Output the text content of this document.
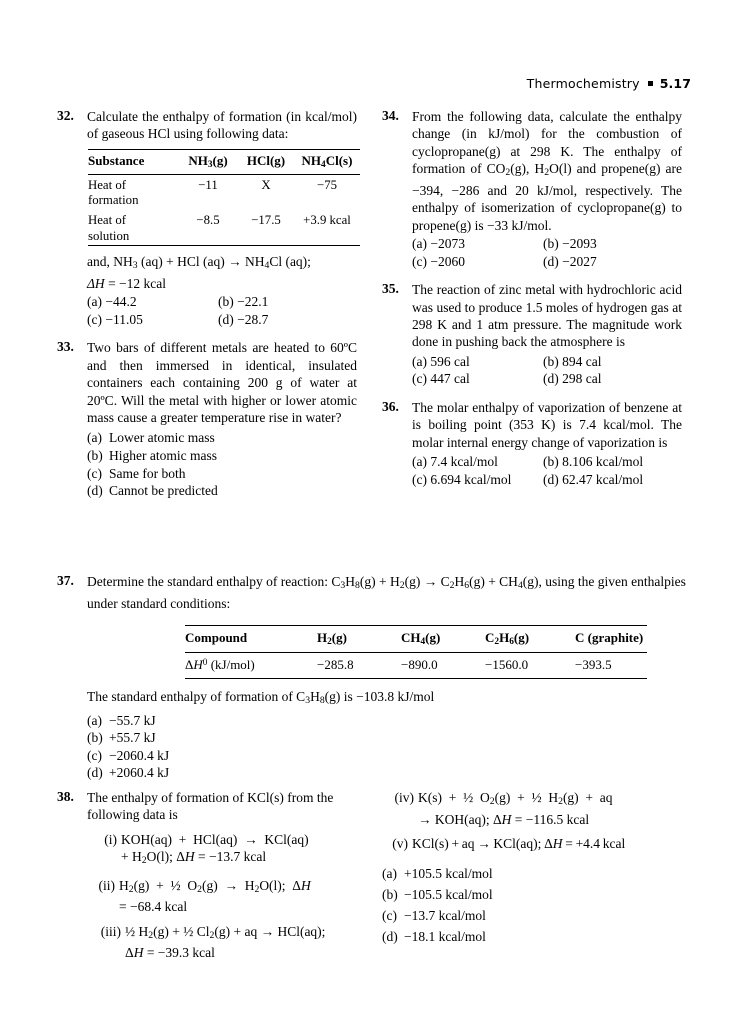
Thermochemistry 5.17
32. Calculate the enthalpy of formation (in kcal/mol) of gaseous HCl using following data:
Substance	$NH_3(g)$	HCl(g)	$NH_4Cl(s)$
Heat of
formation	−11	X	−75
Heat of
solution	−8.5	−17.5	+3.9 kcal
and, $NH_3$ (aq) + HCl $(aq) \to NH_4Cl$ (aq);
ΔH = −12 kcal
(a) −44.2	(b) −22.1
(c) −11.05	(d) −28.7
33. Two bars of different metals are heated to 60ºC and then immersed in identical, insulated containers each containing 200 g of water at 20ºC. Will the metal with higher or lower atomic mass cause a greater temperature rise in water?
(a) Lower atomic mass
(b) Higher atomic mass
(c) Same for both
(d) Cannot be predicted
34. From the following data, calculate the enthalpy change (in kJ/mol) for the combustion of cyclopropane(g) at 298 K. The enthalpy of formation of $CO_2(g)$, $H_2O(l)$ and propene(g) are −394, −286 and 20 kJ/mol, respectively. The enthalpy of isomerization of cyclopropane(g) to propene(g) is −33 kJ/mol.
(a) −2073	(b) −2093
(c) −2060	(d) −2027
35. The reaction of zinc metal with hydrochloric acid was used to produce 1.5 moles of hydrogen gas at 298 K and 1 atm pressure. The magnitude work done in pushing back the atmosphere is
(a) 596 cal	(b) 894 cal
(c) 447 cal	(d) 298 cal
36. The molar enthalpy of vaporization of benzene at is boiling point (353 K) is 7.4 kcal/mol. The molar internal energy change of vaporization is
(a) 7.4 kcal/mol	(b) 8.106 kcal/mol
(c) 6.694 kcal/mol (d) 62.47 kcal/mol
37. Determine the standard enthalpy of reaction: $C_3H_8(g) + H_2(g) \to C_2H_6(g) + CH_4(g)$, using the given enthalpies under standard conditions:
Compound	$H_2(g)$	$CH_4(g)$	$C_2H_6(g)$	C (graphite)
$\Delta H^0$ (kJ/mol)	−285.8	−890.0	−1560.0	−393.5
The standard enthalpy of formation of $C_3H_8(g)$ is −103.8 kJ/mol
(a) −55.7 kJ
(b) +55.7 kJ
(c) −2060.4 kJ
(d) +2060.4 kJ
38. The enthalpy of formation of KCl(s) from the following data is
(i) KOH(aq)  +  HCl(aq)  →  KCl(aq)
+ $H_2O(l)$; ΔH = −13.7 kcal
(ii) $H_2(g)$  +  ½  $O_2(g) \to H_2O(l)$;  ΔH
= −68.4 kcal
(iii) ½ $H_2(g)$ + ½ $Cl_2(g)$ + aq → HCl(aq);
ΔH = −39.3 kcal
(iv) K(s)  +  ½  $O_2(g)$  +  ½  $H_2(g)$  +  aq
→ KOH(aq); ΔH = −116.5 kcal
(v) KCl(s) + aq → KCl(aq); ΔH = +4.4 kcal
(a) +105.5 kcal/mol
(b) −105.5 kcal/mol
(c) −13.7 kcal/mol
(d) −18.1 kcal/mol
